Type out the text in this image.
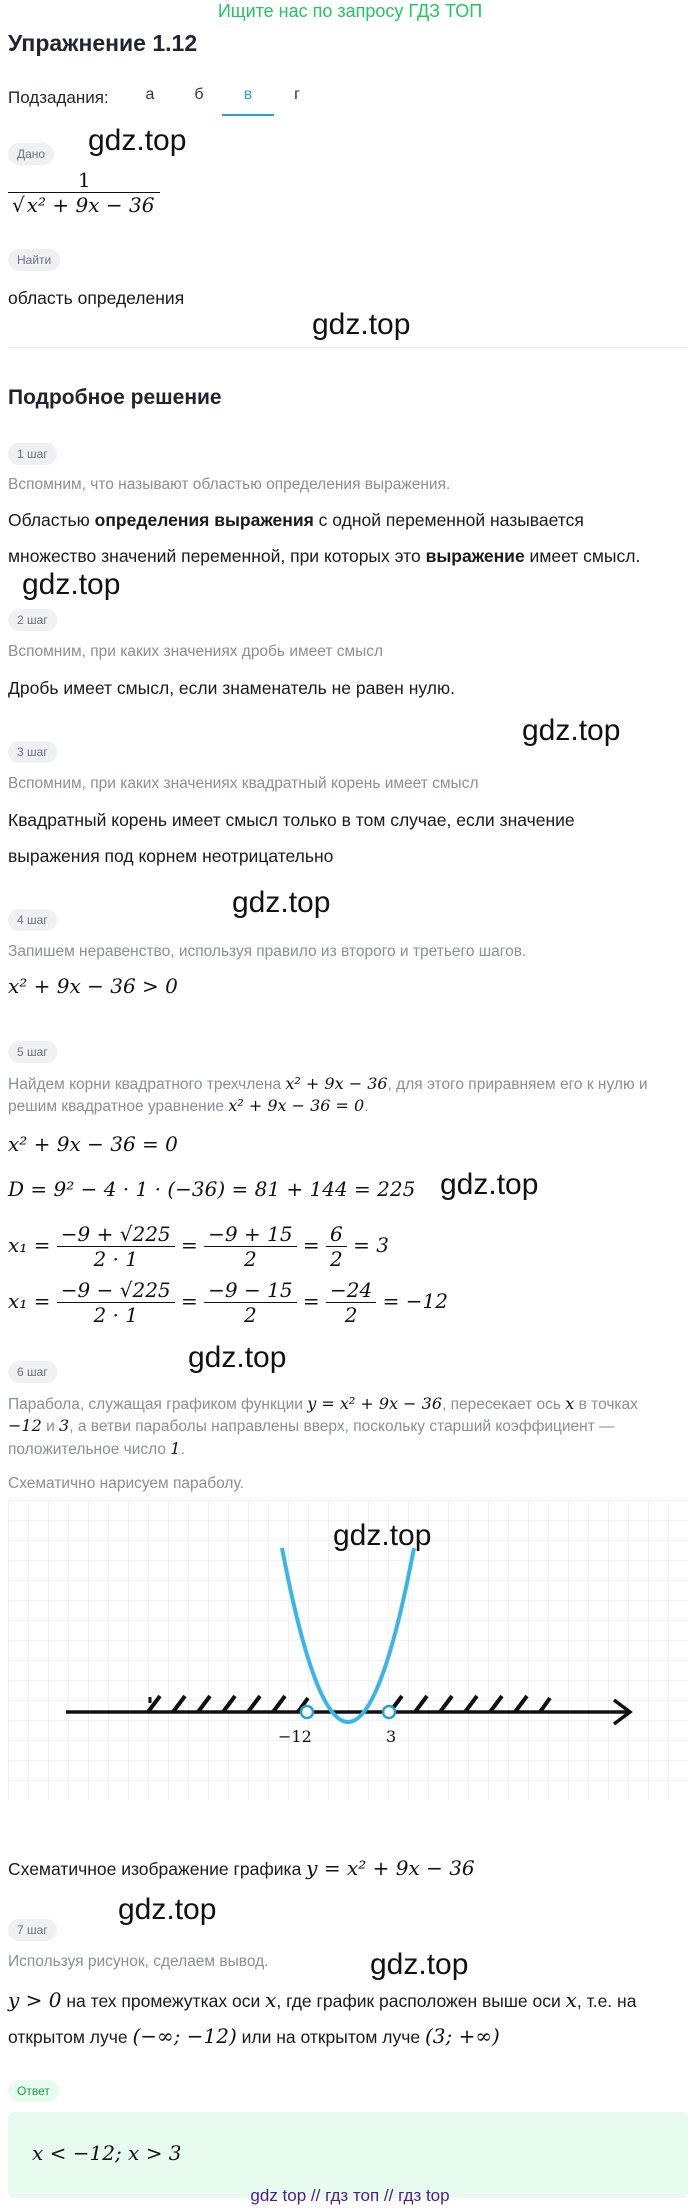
Ищите нас по запросу ГДЗ ТОП
Упражнение 1.12
Подзадания:	а	б	в	г
Дано	gdz.top
$\frac{1}{\text{√ x² + 9x − 36}}$
Найти
область определения
gdz.top
Подробное решение
1 шаг
Вспомним, что называют областью определения выражения.
Областью определения выражения с одной переменной называется
множество значений переменной, при которых это выражение имеет смысл.
gdz.top
2 шаг
Вспомним, при каких значениях дробь имеет смысл
Дробь имеет смысл, если знаменатель не равен нулю.
gdz.top
3 шаг
Вспомним, при каких значениях квадратный корень имеет смысл
Квадратный корень имеет смысл только в том случае, если значение
выражения под корнем неотрицательно
gdz.top
4 шаг
Запишем неравенство, используя правило из второго и третьего шагов.
x² + 9x − 36 > 0
5 шаг
Найдем корни квадратного трехчлена x² + 9x − 36, для этого приравняем его к нулю и
решим квадратное уравнение x² + 9x − 36 = 0.
x² + 9x − 36 = 0
D = 9² − 4 · 1 · (−36) = 81 + 144 = 225 gdz.top
$x_1 = \frac{-9 + √225}{2 \cdot 1} = \frac{-9 + 15}{2} = \frac{6}{2} = 3$
$x_1 = \frac{-9 - √225}{2 \cdot 1} = \frac{-9 - 15}{2} = \frac{-24}{2} = -12$
gdz.top
6 шаг
Парабола, служащая графиком функции y = x² + 9x − 36, пересекает ось x в точках
−12 и 3, а ветви параболы направлены вверх, поскольку старший коэффициент —
положительное число 1.
Схематично нарисуем параболу.
−12	3
gdz.top
Схематичное изображение графика y = x² + 9x − 36
gdz.top
7 шаг
Используя рисунок, сделаем вывод.	gdz.top
y > 0 на тех промежутках оси x, где график расположен выше оси x, т.е. на
открытом луче (−∞; −12) или на открытом луче (3; +∞)
Ответ
x < −12; x > 3
gdz top // гдз топ // гдз top
